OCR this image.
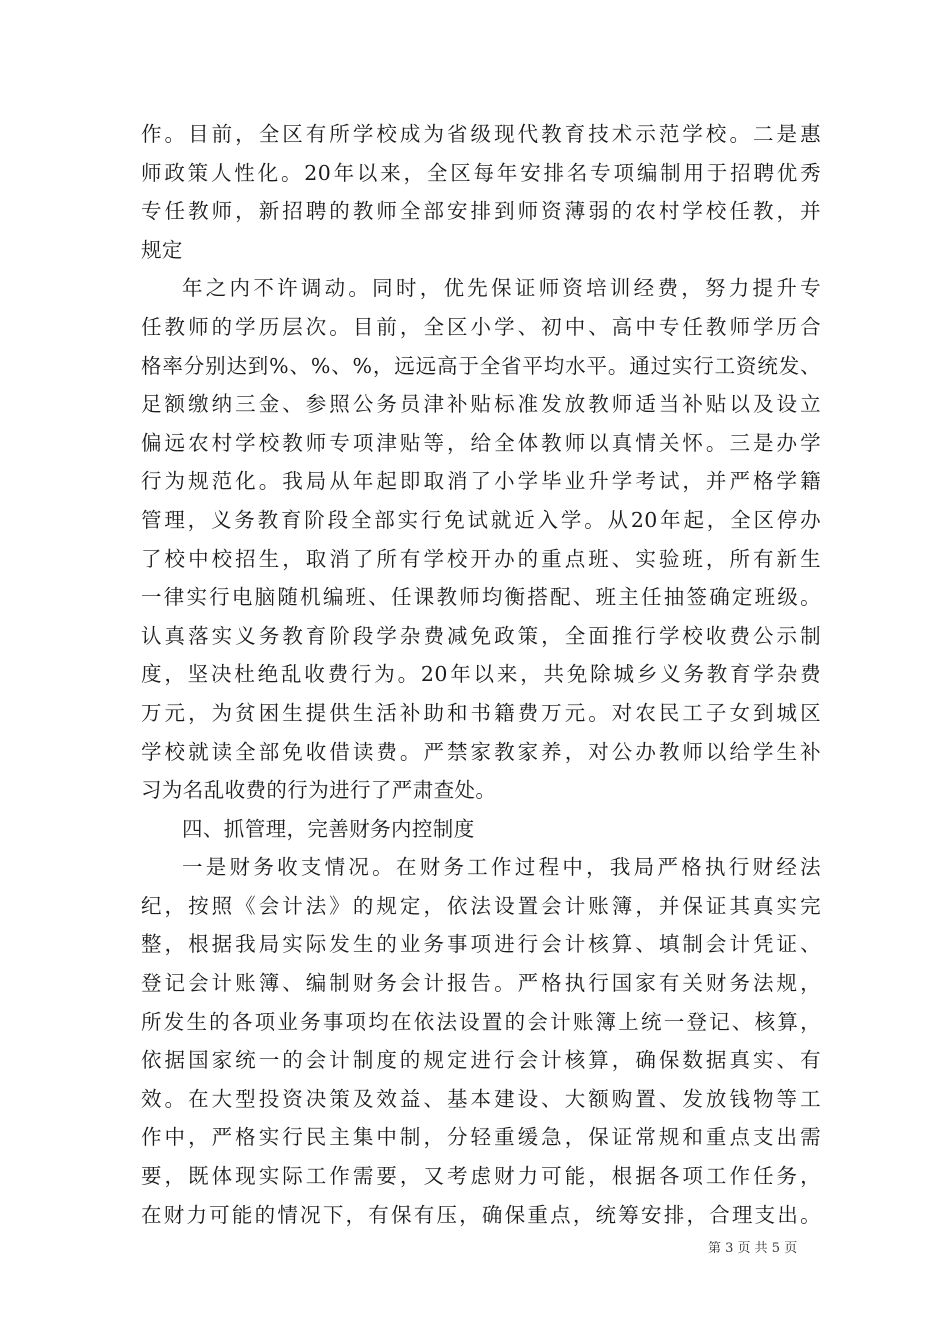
作。目前，全区有所学校成为省级现代教育技术示范学校。二是惠
师政策人性化。20年以来，全区每年安排名专项编制用于招聘优秀
专任教师，新招聘的教师全部安排到师资薄弱的农村学校任教，并
规定
年之内不许调动。同时，优先保证师资培训经费，努力提升专
任教师的学历层次。目前，全区小学、初中、高中专任教师学历合
格率分别达到%、%、%，远远高于全省平均水平。通过实行工资统发、
足额缴纳三金、参照公务员津补贴标准发放教师适当补贴以及设立
偏远农村学校教师专项津贴等，给全体教师以真情关怀。三是办学
行为规范化。我局从年起即取消了小学毕业升学考试，并严格学籍
管理，义务教育阶段全部实行免试就近入学。从20年起，全区停办
了校中校招生，取消了所有学校开办的重点班、实验班，所有新生
一律实行电脑随机编班、任课教师均衡搭配、班主任抽签确定班级。
认真落实义务教育阶段学杂费减免政策，全面推行学校收费公示制
度，坚决杜绝乱收费行为。20年以来，共免除城乡义务教育学杂费
万元，为贫困生提供生活补助和书籍费万元。对农民工子女到城区
学校就读全部免收借读费。严禁家教家养，对公办教师以给学生补
习为名乱收费的行为进行了严肃查处。
四、抓管理，完善财务内控制度
一是财务收支情况。在财务工作过程中，我局严格执行财经法
纪，按照《会计法》的规定，依法设置会计账簿，并保证其真实完
整，根据我局实际发生的业务事项进行会计核算、填制会计凭证、
登记会计账簿、编制财务会计报告。严格执行国家有关财务法规，
所发生的各项业务事项均在依法设置的会计账簿上统一登记、核算，
依据国家统一的会计制度的规定进行会计核算，确保数据真实、有
效。在大型投资决策及效益、基本建设、大额购置、发放钱物等工
作中，严格实行民主集中制，分轻重缓急，保证常规和重点支出需
要，既体现实际工作需要，又考虑财力可能，根据各项工作任务，
在财力可能的情况下，有保有压，确保重点，统筹安排，合理支出。
第 3 页 共 5 页
